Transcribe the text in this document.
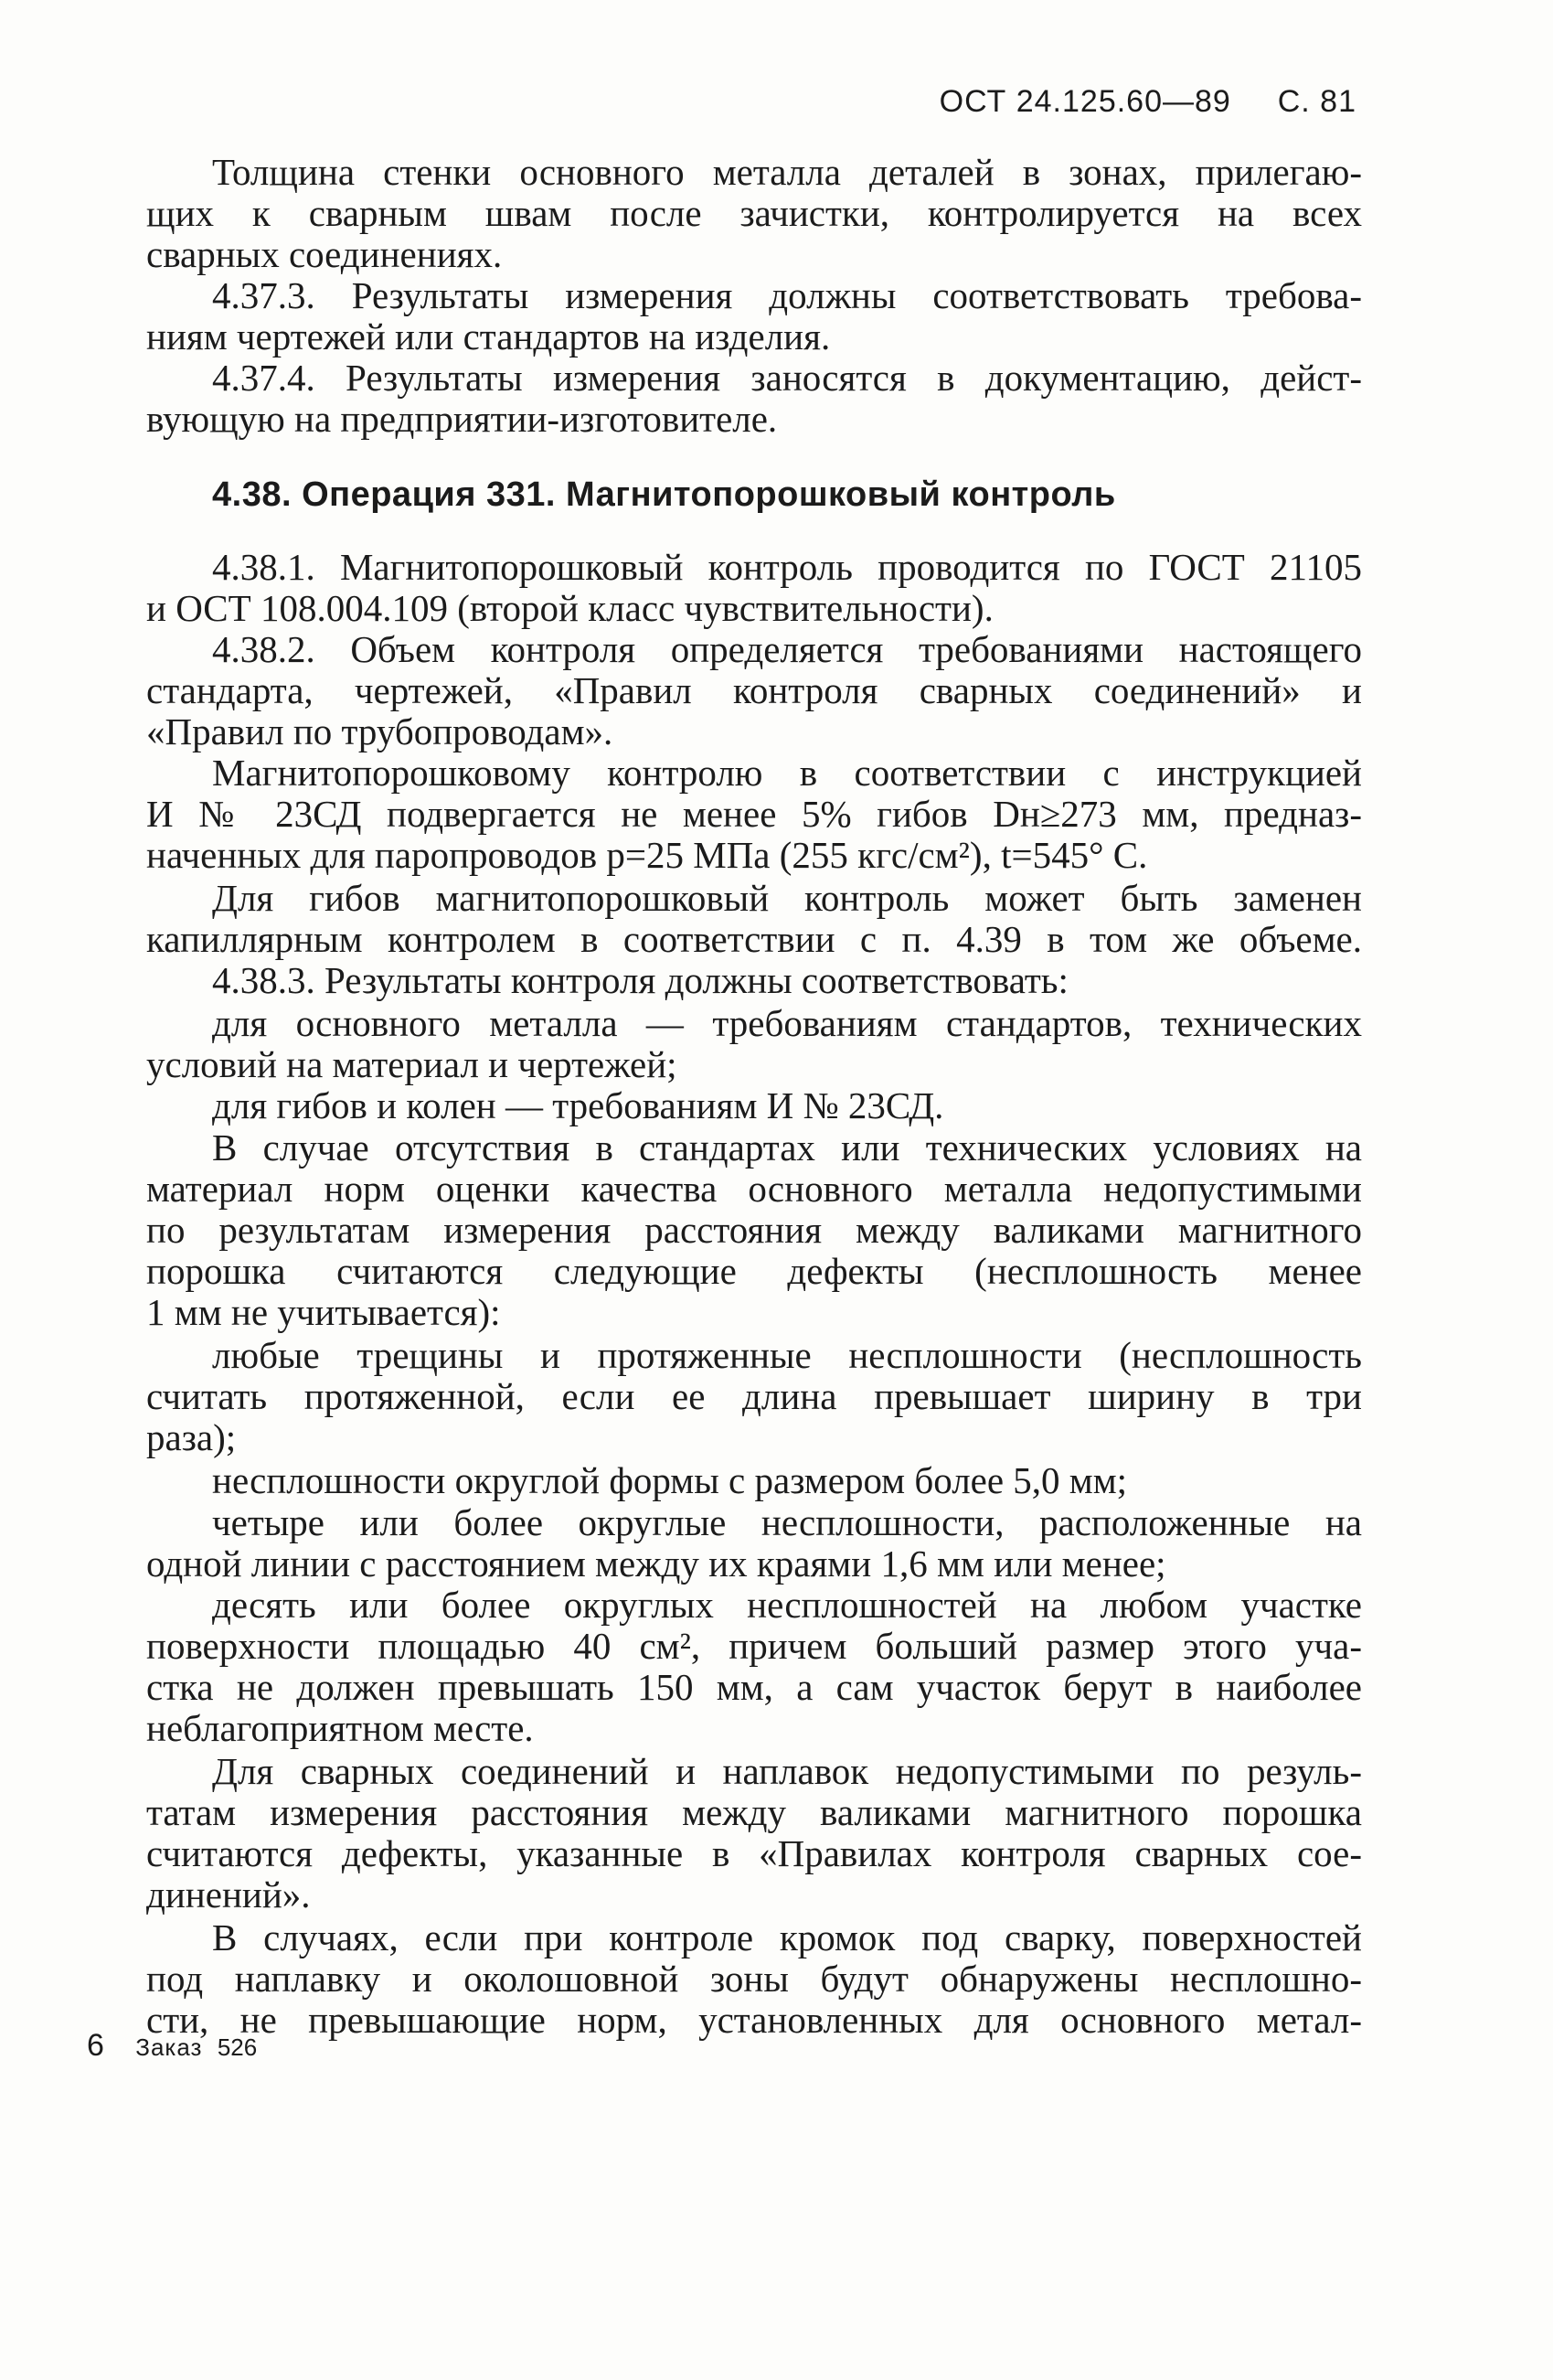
ОСТ 24.125.60—89 С. 81

Толщина стенки основного металла деталей в зонах, прилегаю-

щих к сварным швам после зачистки, контролируется на всех

сварных соединениях.

4.37.3. Результаты измерения должны соответствовать требова-

ниям чертежей или стандартов на изделия.

4.37.4. Результаты измерения заносятся в документацию, дейст-

вующую на предприятии-изготовителе.

4.38. Операция 331. Магнитопорошковый контроль

4.38.1. Магнитопорошковый контроль проводится по ГОСТ 21105

и ОСТ 108.004.109 (второй класс чувствительности).

4.38.2. Объем контроля определяется требованиями настоящего

стандарта, чертежей, «Правил контроля сварных соединений» и

«Правил по трубопроводам».

Магнитопорошковому контролю в соответствии с инструкцией

И № 23СД подвергается не менее 5% гибов Dн≥273 мм, предназ-

наченных для паропроводов p=25 МПа (255 кгс/см²), t=545° С.

Для гибов магнитопорошковый контроль может быть заменен

капиллярным контролем в соответствии с п. 4.39 в том же объеме.

4.38.3. Результаты контроля должны соответствовать:

для основного металла — требованиям стандартов, технических

условий на материал и чертежей;

для гибов и колен — требованиям И № 23СД.

В случае отсутствия в стандартах или технических условиях на

материал норм оценки качества основного металла недопустимыми

по результатам измерения расстояния между валиками магнитного

порошка считаются следующие дефекты (несплошность менее

1 мм не учитывается):

любые трещины и протяженные несплошности (несплошность

считать протяженной, если ее длина превышает ширину в три

раза);

несплошности округлой формы с размером более 5,0 мм;

четыре или более округлые несплошности, расположенные на

одной линии с расстоянием между их краями 1,6 мм или менее;

десять или более округлых несплошностей на любом участке

поверхности площадью 40 см², причем больший размер этого уча-

стка не должен превышать 150 мм, а сам участок берут в наиболее

неблагоприятном месте.

Для сварных соединений и наплавок недопустимыми по резуль-

татам измерения расстояния между валиками магнитного порошка

считаются дефекты, указанные в «Правилах контроля сварных сое-

динений».

В случаях, если при контроле кромок под сварку, поверхностей

под наплавку и околошовной зоны будут обнаружены несплошно-

сти, не превышающие норм, установленных для основного метал-

6 Заказ 526
